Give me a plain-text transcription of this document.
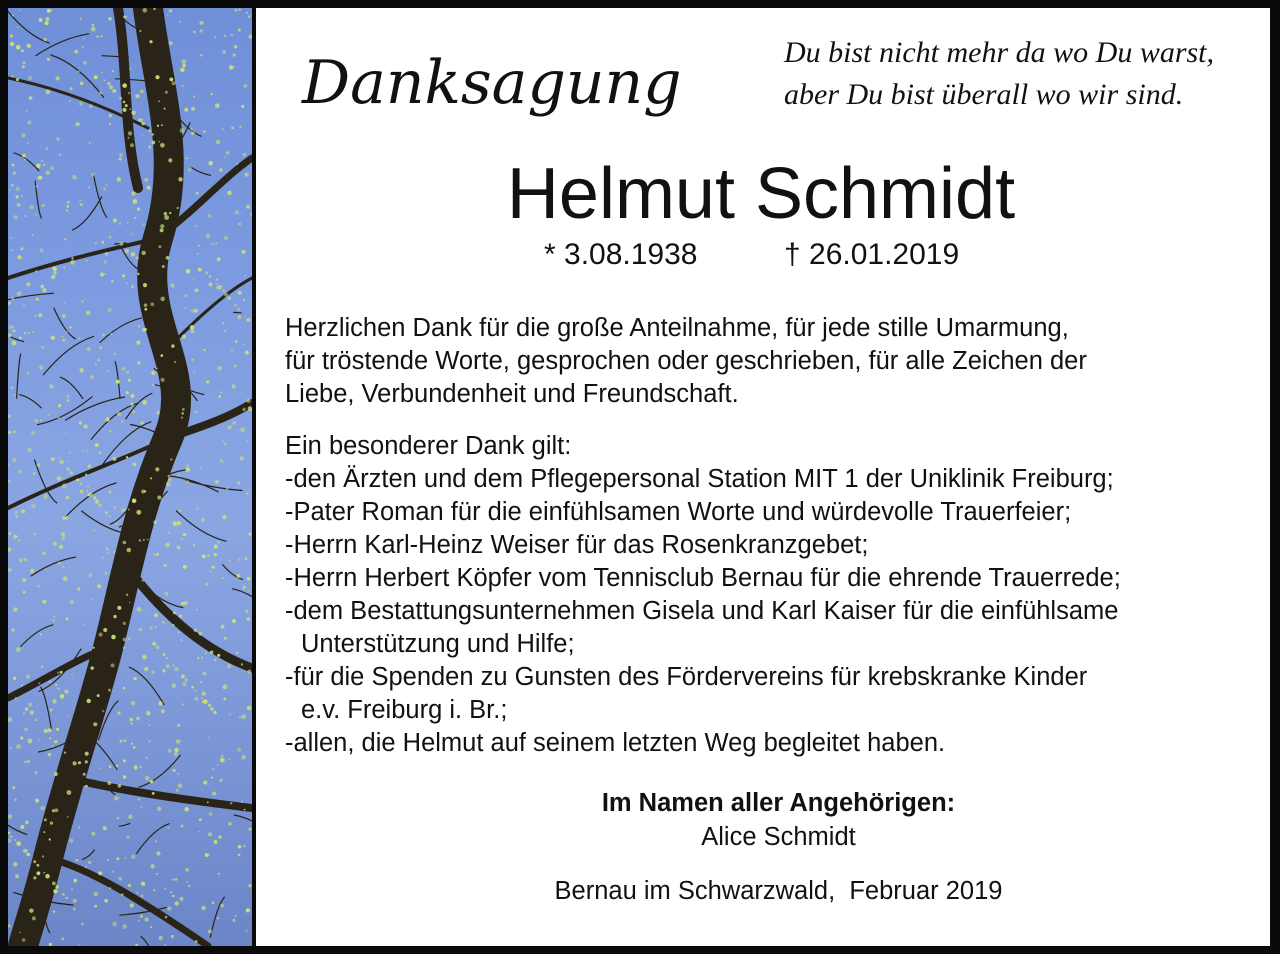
Danksagung	Du bist nicht mehr da wo Du warst,
aber Du bist überall wo wir sind.
Helmut Schmidt
* 3.08.1938	† 26.01.2019
Herzlichen Dank für die große Anteilnahme, für jede stille Umarmung,
für tröstende Worte, gesprochen oder geschrieben, für alle Zeichen der
Liebe, Verbundenheit und Freundschaft.
Ein besonderer Dank gilt:
-den Ärzten und dem Pflegepersonal Station MIT 1 der Uniklinik Freiburg;
-Pater Roman für die einfühlsamen Worte und würdevolle Trauerfeier;
-Herrn Karl-Heinz Weiser für das Rosenkranzgebet;
-Herrn Herbert Köpfer vom Tennisclub Bernau für die ehrende Trauerrede;
-dem Bestattungsunternehmen Gisela und Karl Kaiser für die einfühlsame
Unterstützung und Hilfe;
-für die Spenden zu Gunsten des Fördervereins für krebskranke Kinder
e.v. Freiburg i. Br.;
-allen, die Helmut auf seinem letzten Weg begleitet haben.
Im Namen aller Angehörigen:
Alice Schmidt
Bernau im Schwarzwald,  Februar 2019
